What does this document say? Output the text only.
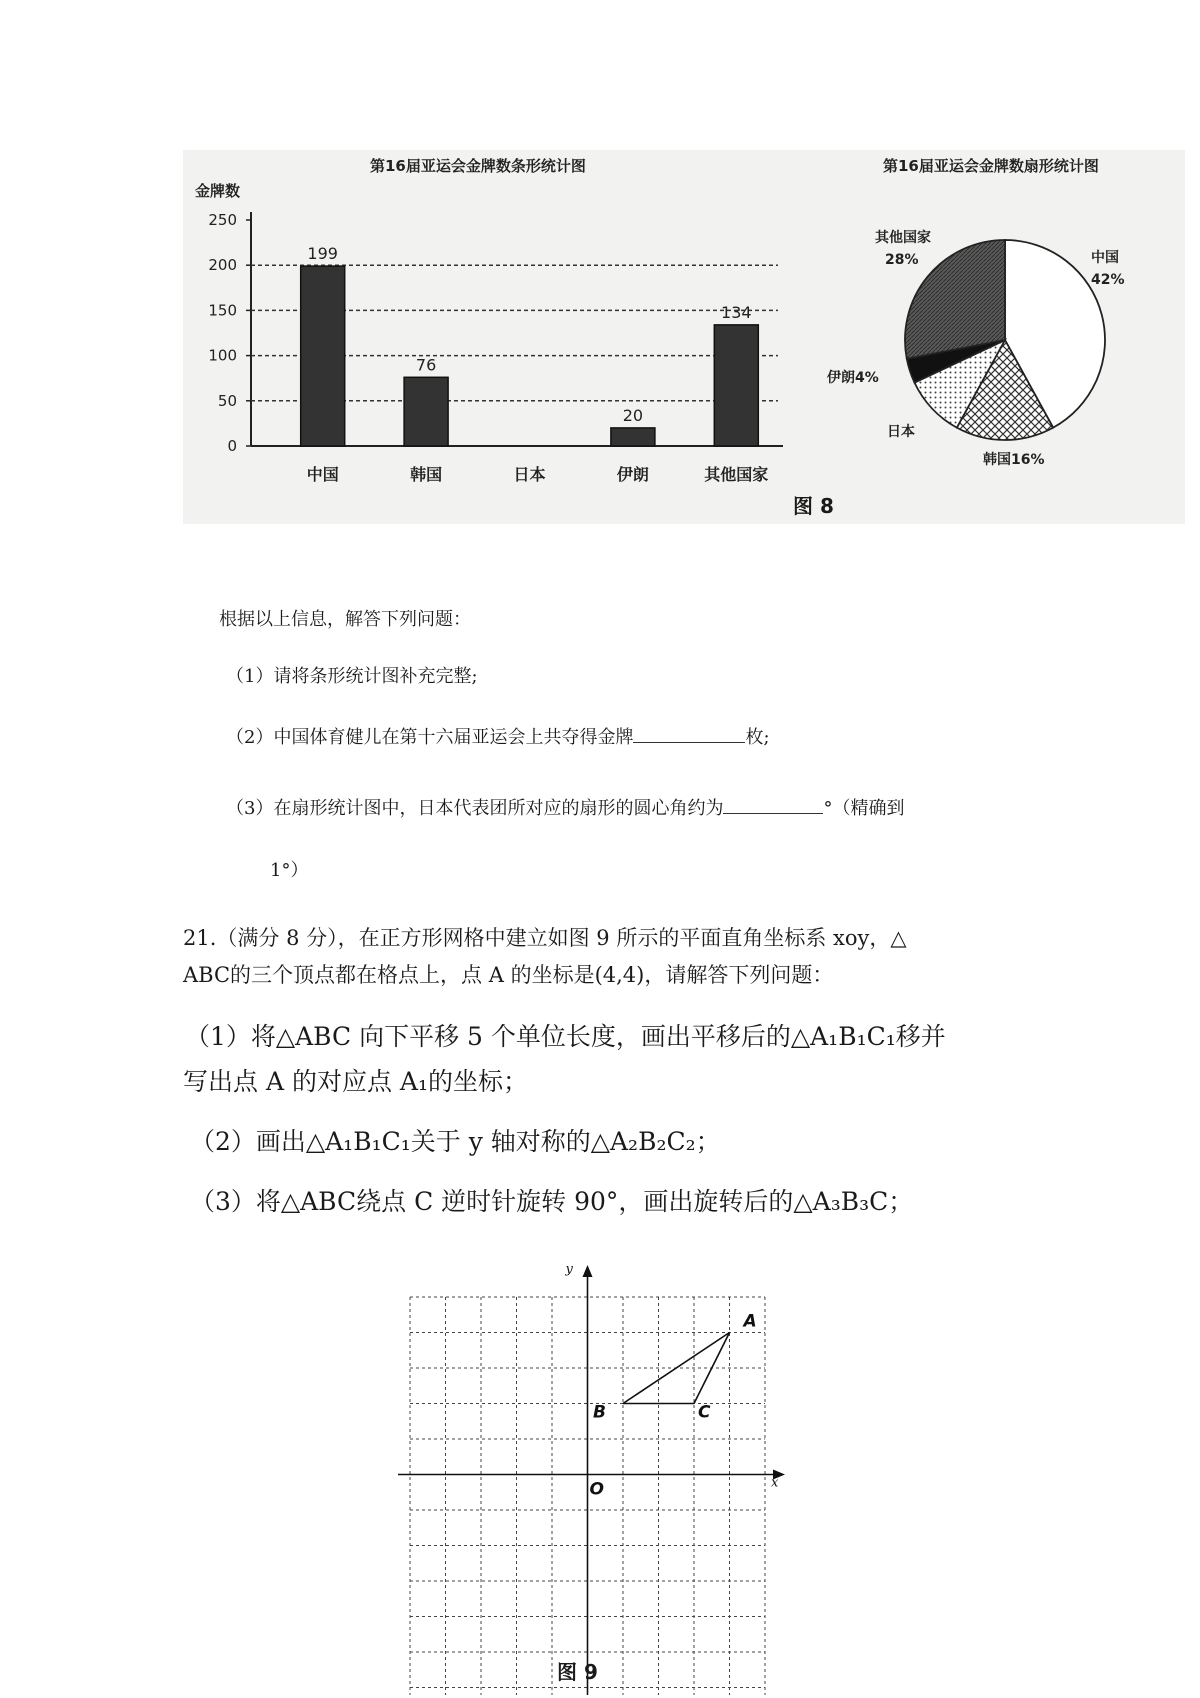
第16届亚运会金牌数条形统计图
金牌数
0
50
100
150
200
250
199
中国
76
韩国	日本
20
伊朗
134
其他国家
第16届亚运会金牌数扇形统计图
中国
42%
韩国16%
日本
伊朗4%
其他国家
28%
图 8
根据以上信息，解答下列问题：
（1）请将条形统计图补充完整;
（2）中国体育健儿在第十六届亚运会上共夺得金牌	枚;
（3）在扇形统计图中，日本代表团所对应的扇形的圆心角约为	°（精确到
1°）
21.（满分 8 分），在正方形网格中建立如图 9 所示的平面直角坐标系 xoy，△
ABC的三个顶点都在格点上，点 A 的坐标是(4,4)，请解答下列问题：
（1）将△ABC 向下平移 5 个单位长度，画出平移后的△A₁B₁C₁移并
写出点 A 的对应点 A₁的坐标；
（2）画出△A₁B₁C₁关于 y 轴对称的△A₂B₂C₂；
（3）将△ABC绕点 C 逆时针旋转 90°，画出旋转后的△A₃B₃C；
x
y
O
A
B	C
图 9
